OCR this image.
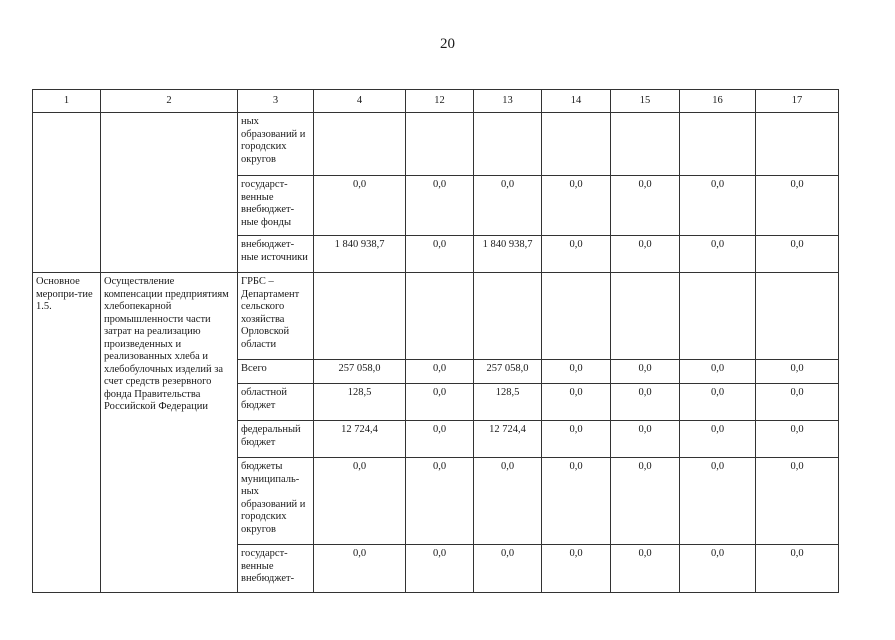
20
1	2	3	4	12	13	14	15	16	17
		ных образований и городских округов							
		государст-венные внебюджет-ные фонды	0,0	0,0	0,0	0,0	0,0	0,0	0,0
		внебюджет-ные источники	1 840 938,7	0,0	1 840 938,7	0,0	0,0	0,0	0,0
Основное меропри-тие 1.5.	Осуществление компенсации предприятиям хлебопекарной промышленности части затрат на реализацию произведенных и реализованных хлеба и хлебобулочных изделий за счет средств резервного фонда Правительства Российской Федерации	ГРБС – Департамент сельского хозяйства Орловской области							
		Всего	257 058,0	0,0	257 058,0	0,0	0,0	0,0	0,0
		областной бюджет	128,5	0,0	128,5	0,0	0,0	0,0	0,0
		федеральный бюджет	12 724,4	0,0	12 724,4	0,0	0,0	0,0	0,0
		бюджеты муниципаль-ных образований и городских округов	0,0	0,0	0,0	0,0	0,0	0,0	0,0
		государст-венные внебюджет-	0,0	0,0	0,0	0,0	0,0	0,0	0,0
